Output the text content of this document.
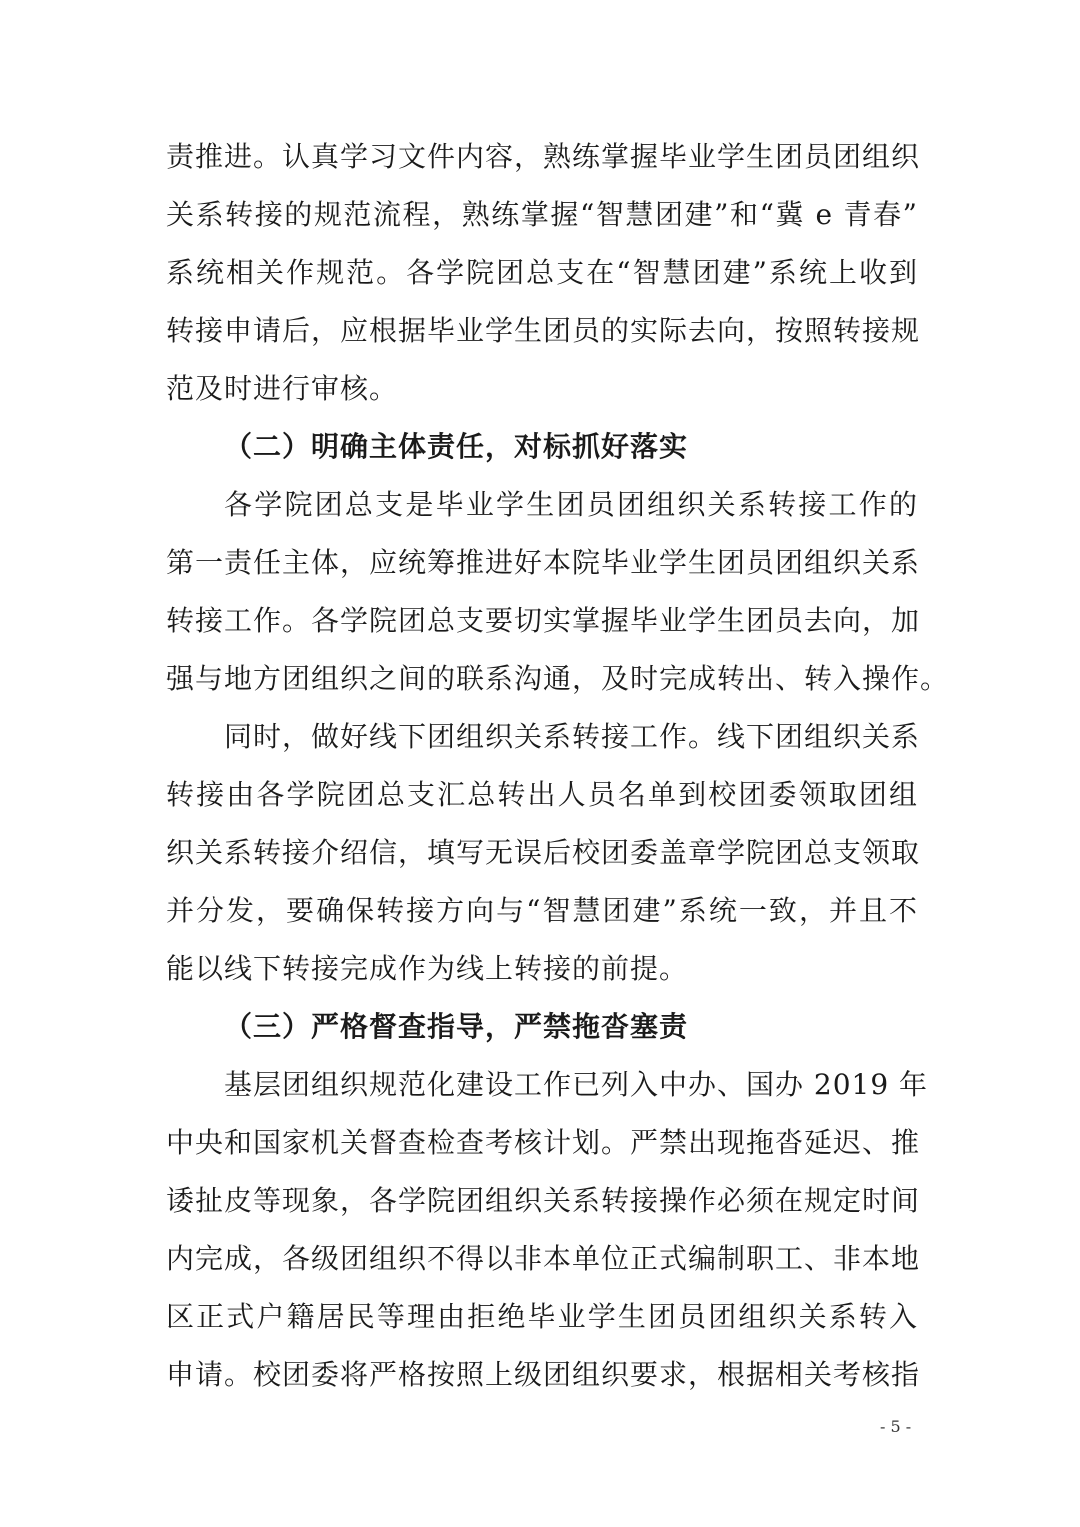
责推进。认真学习文件内容，熟练掌握毕业学生团员团组织
关系转接的规范流程，熟练掌握“智慧团建”和“冀 e 青春”
系统相关作规范。各学院团总支在“智慧团建”系统上收到
转接申请后，应根据毕业学生团员的实际去向，按照转接规
范及时进行审核。
（二）明确主体责任，对标抓好落实
各学院团总支是毕业学生团员团组织关系转接工作的
第一责任主体，应统筹推进好本院毕业学生团员团组织关系
转接工作。各学院团总支要切实掌握毕业学生团员去向，加
强与地方团组织之间的联系沟通，及时完成转出、转入操作。
同时，做好线下团组织关系转接工作。线下团组织关系
转接由各学院团总支汇总转出人员名单到校团委领取团组
织关系转接介绍信，填写无误后校团委盖章学院团总支领取
并分发，要确保转接方向与“智慧团建”系统一致，并且不
能以线下转接完成作为线上转接的前提。
（三）严格督查指导，严禁拖沓塞责
基层团组织规范化建设工作已列入中办、国办 2019 年
中央和国家机关督查检查考核计划。严禁出现拖沓延迟、推
诿扯皮等现象，各学院团组织关系转接操作必须在规定时间
内完成，各级团组织不得以非本单位正式编制职工、非本地
区正式户籍居民等理由拒绝毕业学生团员团组织关系转入
申请。校团委将严格按照上级团组织要求，根据相关考核指
- 5 -
